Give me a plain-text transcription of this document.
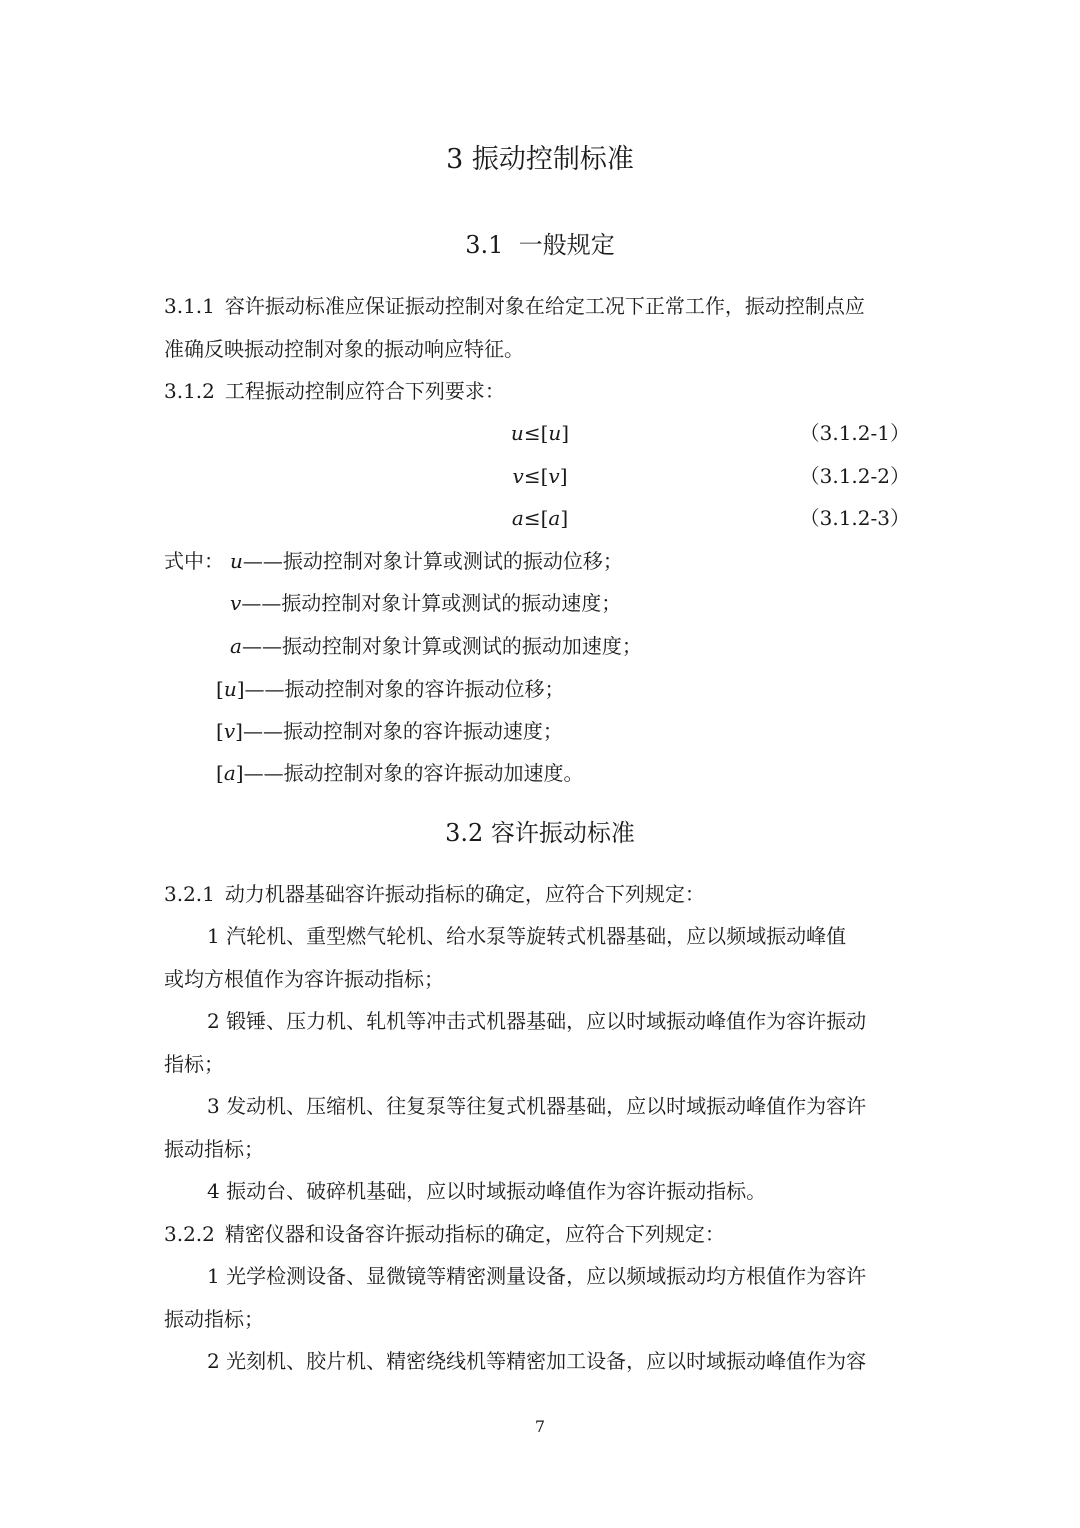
3 振动控制标准
3.1 一般规定
3.1.1 容许振动标准应保证振动控制对象在给定工况下正常工作，振动控制点应
准确反映振动控制对象的振动响应特征。
3.1.2 工程振动控制应符合下列要求：
u≤[u]	（3.1.2-1）
v≤[v]	（3.1.2-2）
a≤[a]	（3.1.2-3）
式中： u——振动控制对象计算或测试的振动位移；
v——振动控制对象计算或测试的振动速度；
a——振动控制对象计算或测试的振动加速度；
[u]——振动控制对象的容许振动位移；
[v]——振动控制对象的容许振动速度；
[a]——振动控制对象的容许振动加速度。
3.2 容许振动标准
3.2.1 动力机器基础容许振动指标的确定，应符合下列规定：
1 汽轮机、重型燃气轮机、给水泵等旋转式机器基础，应以频域振动峰值
或均方根值作为容许振动指标；
2 锻锤、压力机、轧机等冲击式机器基础，应以时域振动峰值作为容许振动
指标；
3 发动机、压缩机、往复泵等往复式机器基础，应以时域振动峰值作为容许
振动指标；
4 振动台、破碎机基础，应以时域振动峰值作为容许振动指标。
3.2.2 精密仪器和设备容许振动指标的确定，应符合下列规定：
1 光学检测设备、显微镜等精密测量设备，应以频域振动均方根值作为容许
振动指标；
2 光刻机、胶片机、精密绕线机等精密加工设备，应以时域振动峰值作为容
7
